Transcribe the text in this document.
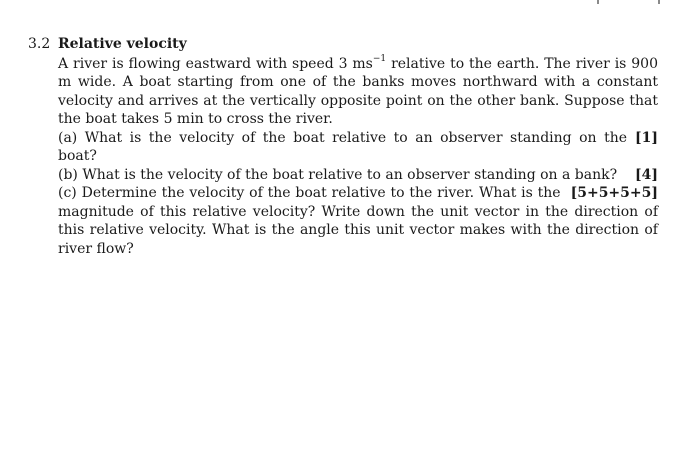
3.2 Relative velocity

A river is flowing eastward with speed 3 $ms^{-1}$ relative to the earth. The river is 900 m wide. A boat starting from one of the banks moves northward with a constant velocity and arrives at the vertically opposite point on the other bank. Suppose that the boat takes 5 min to cross the river.

(a) What is the velocity of the boat relative to an observer standing on the boat?
[1]
(b) What is the velocity of the boat relative to an observer standing on a bank? [4]
[5+5+5+5]
(c) Determine the velocity of the boat relative to the river. What is the magnitude of this relative velocity? Write down the unit vector in the direction of this relative velocity. What is the angle this unit vector makes with the direction of river flow?
